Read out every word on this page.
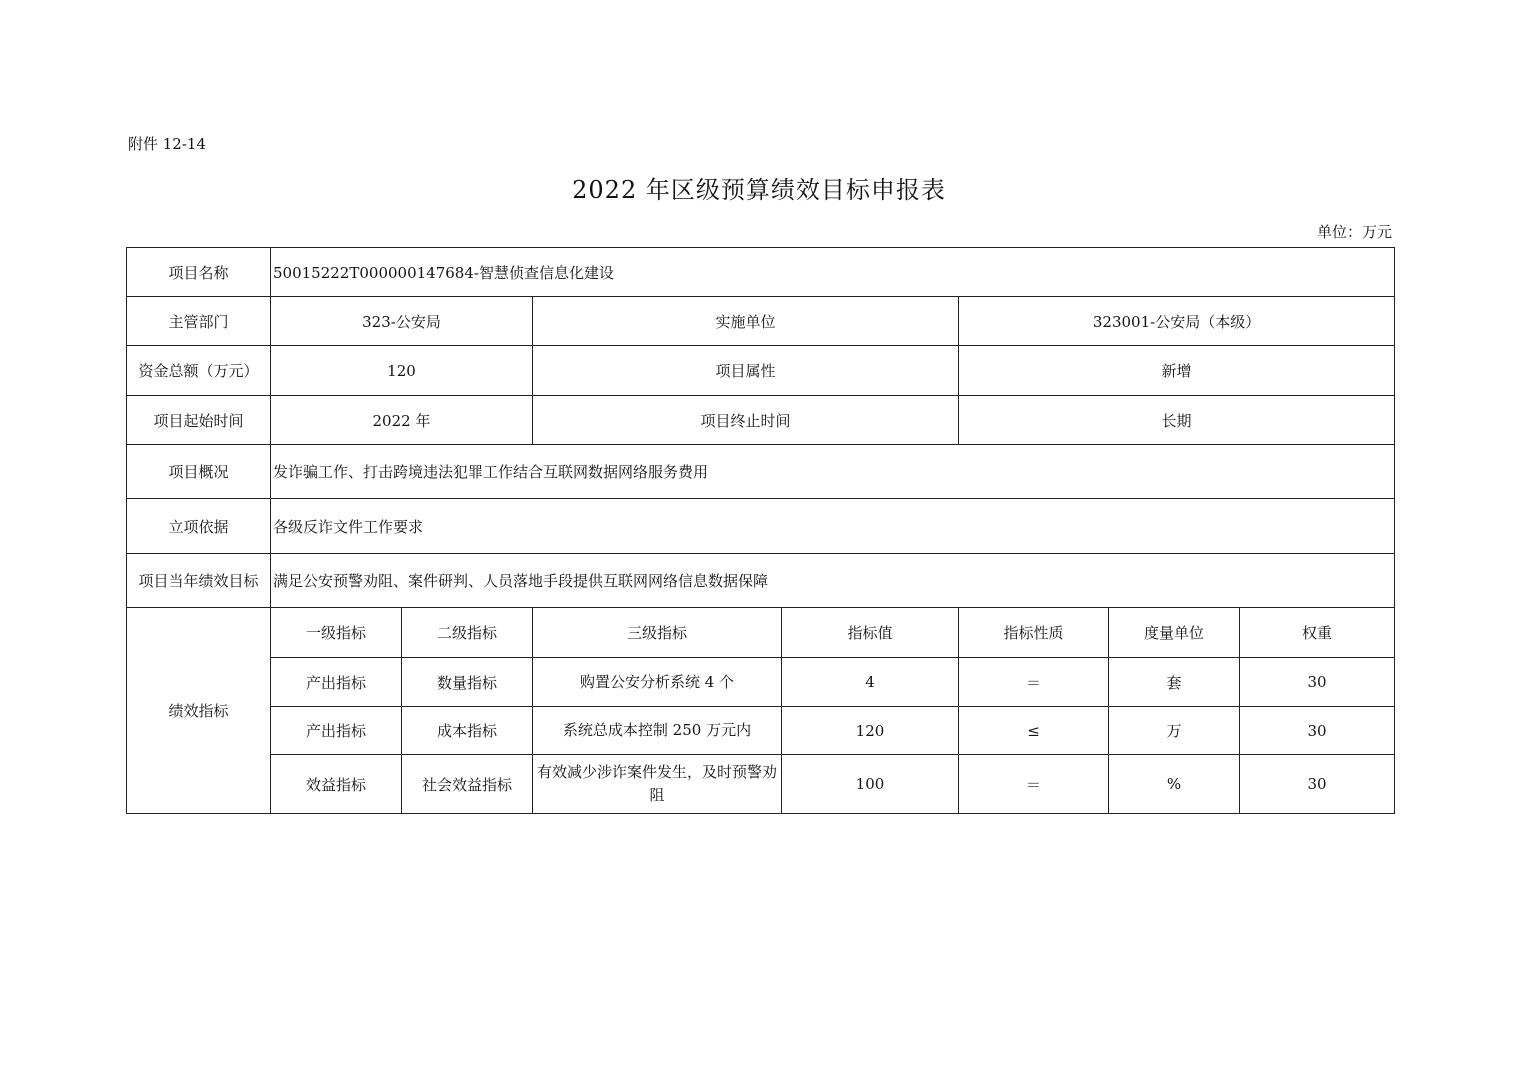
附件 12-14
2022 年区级预算绩效目标申报表
单位：万元
项目名称	50015222T000000147684-智慧侦查信息化建设						
主管部门	323-公安局		实施单位		323001-公安局（本级）		
资金总额（万元）	120		项目属性		新增		
项目起始时间	2022 年		项目终止时间		长期		
项目概况	发诈骗工作、打击跨境违法犯罪工作结合互联网数据网络服务费用						
立项依据	各级反诈文件工作要求						
项目当年绩效目标	满足公安预警劝阻、案件研判、人员落地手段提供互联网网络信息数据保障						
绩效指标	一级指标	二级指标	三级指标	指标值	指标性质	度量单位	权重
	产出指标	数量指标	购置公安分析系统 4 个	4	＝	套	30
	产出指标	成本指标	系统总成本控制 250 万元内	120	≤	万	30
	效益指标	社会效益指标	有效减少涉诈案件发生，及时预警劝阻	100	＝	%	30
